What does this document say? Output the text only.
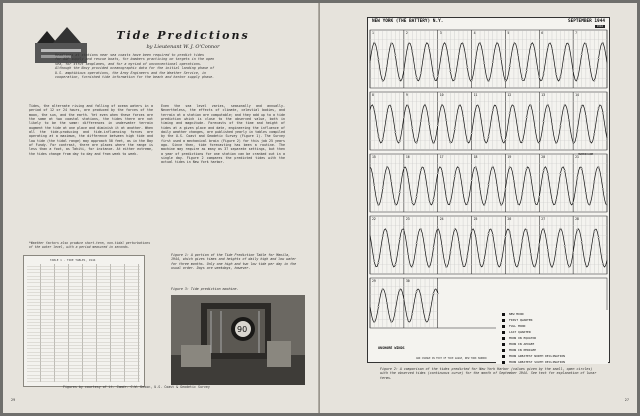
Tide Predictions
by Lieutenant W. J. O'Connor
Headlines at stations near sea coasts have been required to predict tides
for A&P supply and rescue boats, for bombers practicing on targets in the open
sea, for strut seaplanes, and for a myriad of unconventional operations.
Although the Navy provided oceanographic data for the initial landing phase of
U.S. amphibious operations, the Army Engineers and the Weather Service, in
cooperation, furnished tide information for the beach and harbor supply phase.
Tides, the alternate rising and falling of ocean waters in a period of 12 or 24 hours, are produced by the forces of the moon, the sun, and the earth. Yet even when these forces are the same at two coastal stations, the tides there are not likely to be the same: differences in underwater terrain augment the tide at one place and diminish it at another. When all the tide-producing and tide-influencing forces are operating at a maximum, the difference between high tide and low tide (the tidal range) may approach 50 feet, as in the Bay of Fundy. For contrast, there are places where the range is less than a foot, as Tahiti, for instance. At either extreme, the tides change from day to day and from week to week.
Even the sea level varies, seasonally and annually. Nevertheless, the effects of climate, celestial bodies, and terrain at a station are computable; and they add up to a tide prediction which is close to the observed value, both in timing and magnitude. Forecasts of the time and height of tides at a given place and date, engineering the influence of daily weather changes, are published yearly in tables compiled by the U.S. Coast and Geodetic Survey (Figure 1). The Survey first used a mechanical brain (Figure 2) for this job 25 years ago. Since then, tide forecasting has been a routine. The machine may require as many as 37 separate settings, but then a year of predictions for one station can be cranked out in a single day. Figure 2 compares the predicted tides with the actual tides in New York harbor.
*Weather factors also produce short-term, non-tidal perturbations of the water level, with a period measured in seconds.
TABLE 1 - TIDE TABLES, 1944
Figure 1: A portion of the Tide Prediction Table for Manila, 1944, which gives times and heights of daily high and low water for three months. Only one high and two low tide per day in the usual order. Days are weekdays, however.
Figure 3: Tide prediction machine.
90
Figures by courtesy of Lt. Comdr. C.W. Dexon, U.S. Coast & Geodetic Survey
29
1	2	3	4	5	6	7
8	9	10	11	12	13	14
15	16	17	18	19	20	21
22	23	24	25	26	27	28
29	30
NEW YORK (THE BATTERY) N.Y.	SEPTEMBER 1944
1944
HURRICANE
ONSHORE WINDS
AND CHANGE IN FOOT OF TIDE GAUGE, NEW YORK HARBOR
NEW MOON
FIRST QUARTER
FULL MOON
LAST QUARTER
MOON ON EQUATOR
MOON IN APOGEE
MOON IN PERIGEE
MOON GREATEST NORTH DECLINATION
MOON GREATEST SOUTH DECLINATION
Figure 2: A comparison of the tides predicted for New York Harbor (values given by the small, open circles) with the observed tides (continuous curve) for the month of September 1944. See text for explanation of lunar terms.
27
